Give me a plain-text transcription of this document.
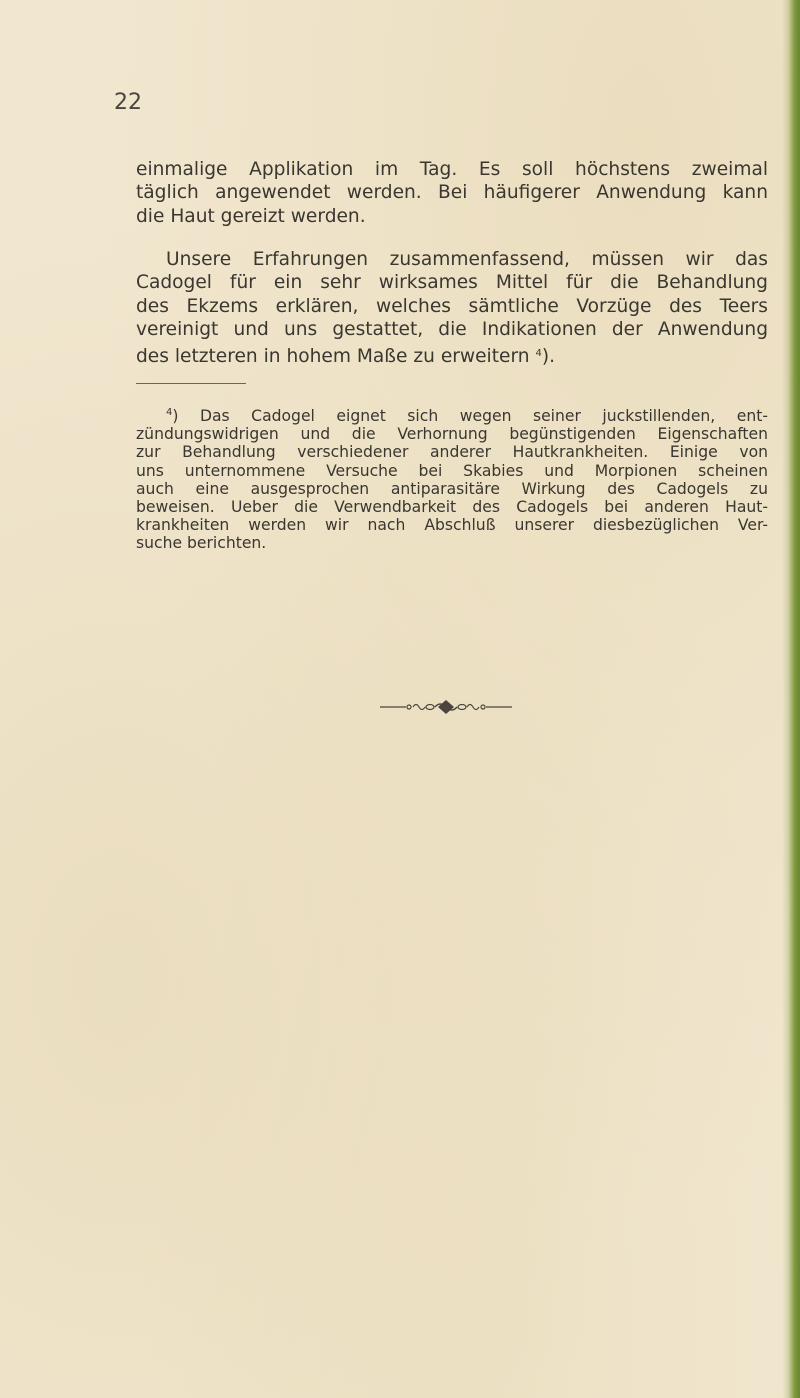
22
einmalige Applikation im Tag. Es soll höchstens zweimal
täglich angewendet werden. Bei häufigerer Anwendung kann
die Haut gereizt werden.
Unsere Erfahrungen zusammenfassend, müssen wir das
Cadogel für ein sehr wirksames Mittel für die Behandlung
des Ekzems erklären, welches sämtliche Vorzüge des Teers
vereinigt und uns gestattet, die Indikationen der Anwendung
des letzteren in hohem Maße zu erweitern $^4$).
$^4$) Das Cadogel eignet sich wegen seiner juckstillenden, ent-
zündungswidrigen und die Verhornung begünstigenden Eigenschaften
zur Behandlung verschiedener anderer Hautkrankheiten. Einige von
uns unternommene Versuche bei Skabies und Morpionen scheinen
auch eine ausgesprochen antiparasitäre Wirkung des Cadogels zu
beweisen. Ueber die Verwendbarkeit des Cadogels bei anderen Haut-
krankheiten werden wir nach Abschluß unserer diesbezüglichen Ver-
suche berichten.
